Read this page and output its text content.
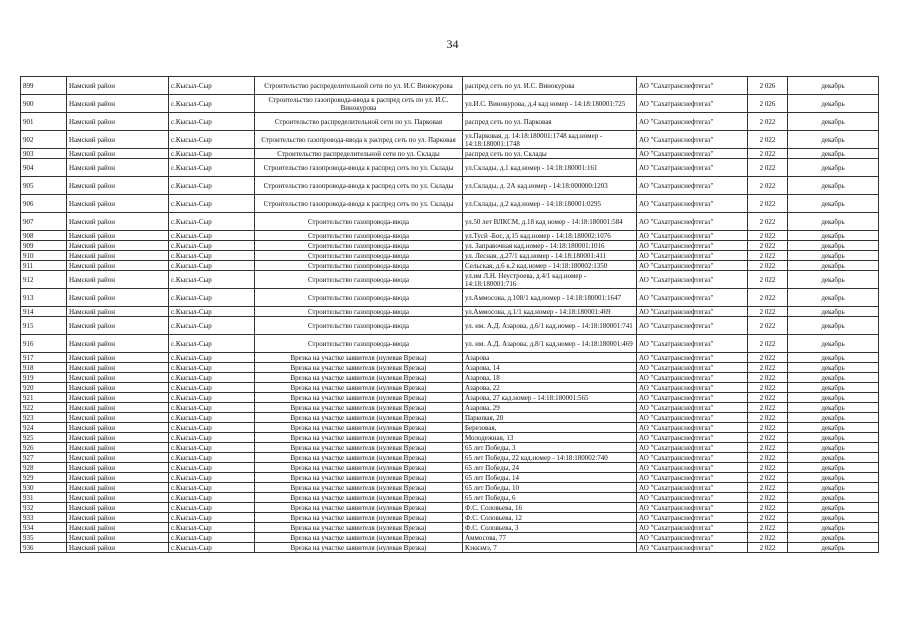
34
899	Намский район	с.Кысыл-Сыр	Строительство распределительной сети по ул. И.С Винокурова	распред сеть по ул. И.С. Винокурова	АО "Сахатранснефтегаз"	2 026	декабрь
900	Намский район	с.Кысыл-Сыр	Строительство газопровода-ввода к распред сеть по ул. И.С. Винокурова	ул.И.С. Винокурова, д.4 кад номер - 14:18:180001:725	АО "Сахатранснефтегаз"	2 026	декабрь
901	Намский район	с.Кысыл-Сыр	Строительство распределительной сети по ул. Парковая	распред сеть по ул. Парковая	АО "Сахатранснефтегаз"	2 022	декабрь
902	Намский район	с.Кысыл-Сыр	Строительство газопровода-ввода к распред сеть по ул. Парковая	ул.Парковая, д. 14:18:180001:1748 кад.номер - 14:18:180001:1748	АО "Сахатранснефтегаз"	2 022	декабрь
903	Намский район	с.Кысыл-Сыр	Строительство распределительной сети по ул. Склады	распред сеть по ул. Склады	АО "Сахатранснефтегаз"	2 022	декабрь
904	Намский район	с.Кысыл-Сыр	Строительство газопровода-ввода к распред сеть по ул. Склады	ул.Склады, д.1 кад.номер - 14:18:180001:161	АО "Сахатранснефтегаз"	2 022	декабрь
905	Намский район	с.Кысыл-Сыр	Строительство газопровода-ввода к распред сеть по ул. Склады	ул.Склады, д. 2А кад.номер - 14:18:000000:1203	АО "Сахатранснефтегаз"	2 022	декабрь
906	Намский район	с.Кысыл-Сыр	Строительство газопровода-ввода к распред сеть по ул. Склады	ул.Склады, д.2 кад.номер - 14:18:180001:0295	АО "Сахатранснефтегаз"	2 022	декабрь
907	Намский район	с.Кысыл-Сыр	Строительство газопровода-ввода	ул.50 лет ВЛКСМ, д.18 кад номер - 14:18:180001:584	АО "Сахатранснефтегаз"	2 022	декабрь
908	Намский район	с.Кысыл-Сыр	Строительство газопровода-ввода	ул.Тусй -Бос, д.15 кад.номер - 14:18:180002:1076	АО "Сахатранснефтегаз"	2 022	декабрь
909	Намский район	с.Кысыл-Сыр	Строительство газопровода-ввода	ул. Заправочная кад.номер - 14:18:180001:1016	АО "Сахатранснефтегаз"	2 022	декабрь
910	Намский район	с.Кысыл-Сыр	Строительство газопровода-ввода	ул. Лесная, д.27/1 кад.номер - 14:18:180001:411	АО "Сахатранснефтегаз"	2 022	декабрь
911	Намский район	с.Кысыл-Сыр	Строительство газопровода-ввода	Сельская, д.6 к.2 кад.номер - 14:18:180002:1350	АО "Сахатранснефтегаз"	2 022	декабрь
912	Намский район	с.Кысыл-Сыр	Строительство газопровода-ввода	ул.им Л.Н. Неустроева, д.4/1 кад.номер - 14:18:180001:716	АО "Сахатранснефтегаз"	2 022	декабрь
913	Намский район	с.Кысыл-Сыр	Строительство газопровода-ввода	ул.Аммосова, д.108/1 кад.номер - 14:18:180001:1647	АО "Сахатранснефтегаз"	2 022	декабрь
914	Намский район	с.Кысыл-Сыр	Строительство газопровода-ввода	ул.Аммосова, д.1/1 кад.номер - 14:18:180001:469	АО "Сахатранснефтегаз"	2 022	декабрь
915	Намский район	с.Кысыл-Сыр	Строительство газопровода-ввода	ул. им. А.Д. Азарова, д.6/1 кад.номер - 14:18:180001:741	АО "Сахатранснефтегаз"	2 022	декабрь
916	Намский район	с.Кысыл-Сыр	Строительство газопровода-ввода	ул. им. А.Д. Азарова, д.8/1 кад.номер - 14:18:180001:469	АО "Сахатранснефтегаз"	2 022	декабрь
917	Намский район	с.Кысыл-Сыр	Врезка на участке заявителя (нулевая Врезка)	Азарова	АО "Сахатранснефтегаз"	2 022	декабрь
918	Намский район	с.Кысыл-Сыр	Врезка на участке заявителя (нулевая Врезка)	Азарова, 14	АО "Сахатранснефтегаз"	2 022	декабрь
919	Намский район	с.Кысыл-Сыр	Врезка на участке заявителя (нулевая Врезка)	Азарова, 18	АО "Сахатранснефтегаз"	2 022	декабрь
920	Намский район	с.Кысыл-Сыр	Врезка на участке заявителя (нулевая Врезка)	Азарова, 22	АО "Сахатранснефтегаз"	2 022	декабрь
921	Намский район	с.Кысыл-Сыр	Врезка на участке заявителя (нулевая Врезка)	Азарова, 27 кад.номер - 14:18:180001:565	АО "Сахатранснефтегаз"	2 022	декабрь
922	Намский район	с.Кысыл-Сыр	Врезка на участке заявителя (нулевая Врезка)	Азарова, 29	АО "Сахатранснефтегаз"	2 022	декабрь
923	Намский район	с.Кысыл-Сыр	Врезка на участке заявителя (нулевая Врезка)	Парковая, 20	АО "Сахатранснефтегаз"	2 022	декабрь
924	Намский район	с.Кысыл-Сыр	Врезка на участке заявителя (нулевая Врезка)	Березовая,	АО "Сахатранснефтегаз"	2 022	декабрь
925	Намский район	с.Кысыл-Сыр	Врезка на участке заявителя (нулевая Врезка)	Молодежная, 13	АО "Сахатранснефтегаз"	2 022	декабрь
926	Намский район	с.Кысыл-Сыр	Врезка на участке заявителя (нулевая Врезка)	65 лет Победы, 3	АО "Сахатранснефтегаз"	2 022	декабрь
927	Намский район	с.Кысыл-Сыр	Врезка на участке заявителя (нулевая Врезка)	65 лет Победы, 22 кад.номер - 14:18:180002:740	АО "Сахатранснефтегаз"	2 022	декабрь
928	Намский район	с.Кысыл-Сыр	Врезка на участке заявителя (нулевая Врезка)	65 лет Победы, 24	АО "Сахатранснефтегаз"	2 022	декабрь
929	Намский район	с.Кысыл-Сыр	Врезка на участке заявителя (нулевая Врезка)	65 лет Победы, 14	АО "Сахатранснефтегаз"	2 022	декабрь
930	Намский район	с.Кысыл-Сыр	Врезка на участке заявителя (нулевая Врезка)	65 лет Победы, 10	АО "Сахатранснефтегаз"	2 022	декабрь
931	Намский район	с.Кысыл-Сыр	Врезка на участке заявителя (нулевая Врезка)	65 лет Победы, 6	АО "Сахатранснефтегаз"	2 022	декабрь
932	Намский район	с.Кысыл-Сыр	Врезка на участке заявителя (нулевая Врезка)	Ф.С. Соловьева, 16	АО "Сахатранснефтегаз"	2 022	декабрь
933	Намский район	с.Кысыл-Сыр	Врезка на участке заявителя (нулевая Врезка)	Ф.С. Соловьева, 12	АО "Сахатранснефтегаз"	2 022	декабрь
934	Намский район	с.Кысыл-Сыр	Врезка на участке заявителя (нулевая Врезка)	Ф.С. Соловьева, 3	АО "Сахатранснефтегаз"	2 022	декабрь
935	Намский район	с.Кысыл-Сыр	Врезка на участке заявителя (нулевая Врезка)	Аммосова, 77	АО "Сахатранснефтегаз"	2 022	декабрь
936	Намский район	с.Кысыл-Сыр	Врезка на участке заявителя (нулевая Врезка)	Кэккэмэ, 7	АО "Сахатранснефтегаз"	2 022	декабрь
